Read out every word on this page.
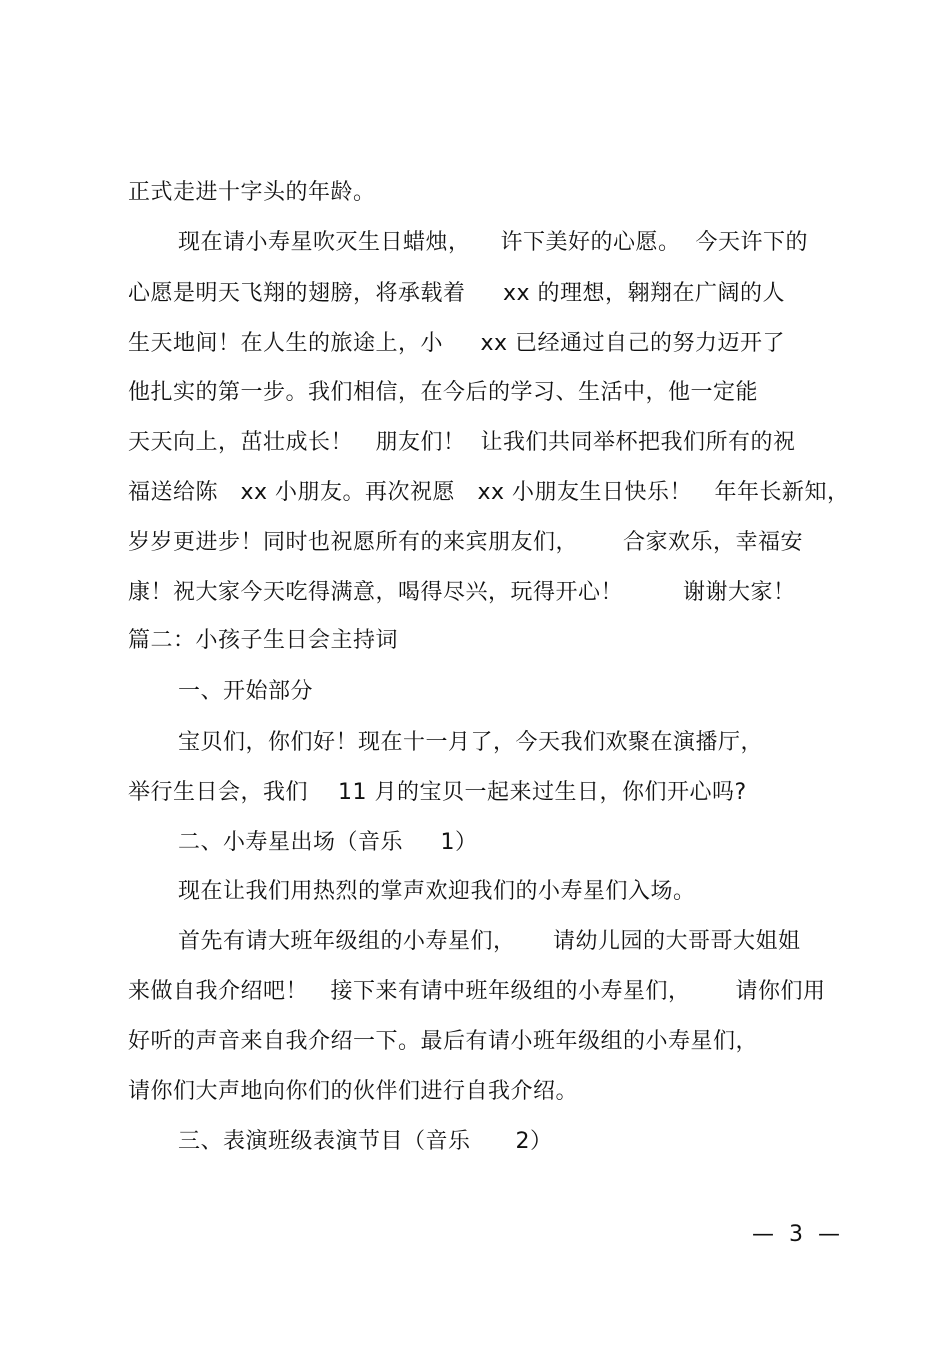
正式走进十字头的年龄。
现在请小寿星吹灭生日蜡烛，    许下美好的心愿。  今天许下的
心愿是明天飞翔的翅膀，将承载着     xx 的理想，翱翔在广阔的人
生天地间！在人生的旅途上，小     xx 已经通过自己的努力迈开了
他扎实的第一步。我们相信，在今后的学习、生活中，他一定能
天天向上，茁壮成长！   朋友们！  让我们共同举杯把我们所有的祝
福送给陈   xx 小朋友。再次祝愿   xx 小朋友生日快乐！   年年长新知，
岁岁更进步！同时也祝愿所有的来宾朋友们，      合家欢乐，幸福安
康！祝大家今天吃得满意，喝得尽兴，玩得开心！        谢谢大家！
篇二：小孩子生日会主持词
一、开始部分
宝贝们，你们好！现在十一月了，今天我们欢聚在演播厅，
举行生日会，我们    11 月的宝贝一起来过生日，你们开心吗?
二、小寿星出场（音乐     1）
现在让我们用热烈的掌声欢迎我们的小寿星们入场。
首先有请大班年级组的小寿星们，     请幼儿园的大哥哥大姐姐
来做自我介绍吧！   接下来有请中班年级组的小寿星们，      请你们用
好听的声音来自我介绍一下。最后有请小班年级组的小寿星们，
请你们大声地向你们的伙伴们进行自我介绍。
三、表演班级表演节目（音乐      2）
— 3 —
